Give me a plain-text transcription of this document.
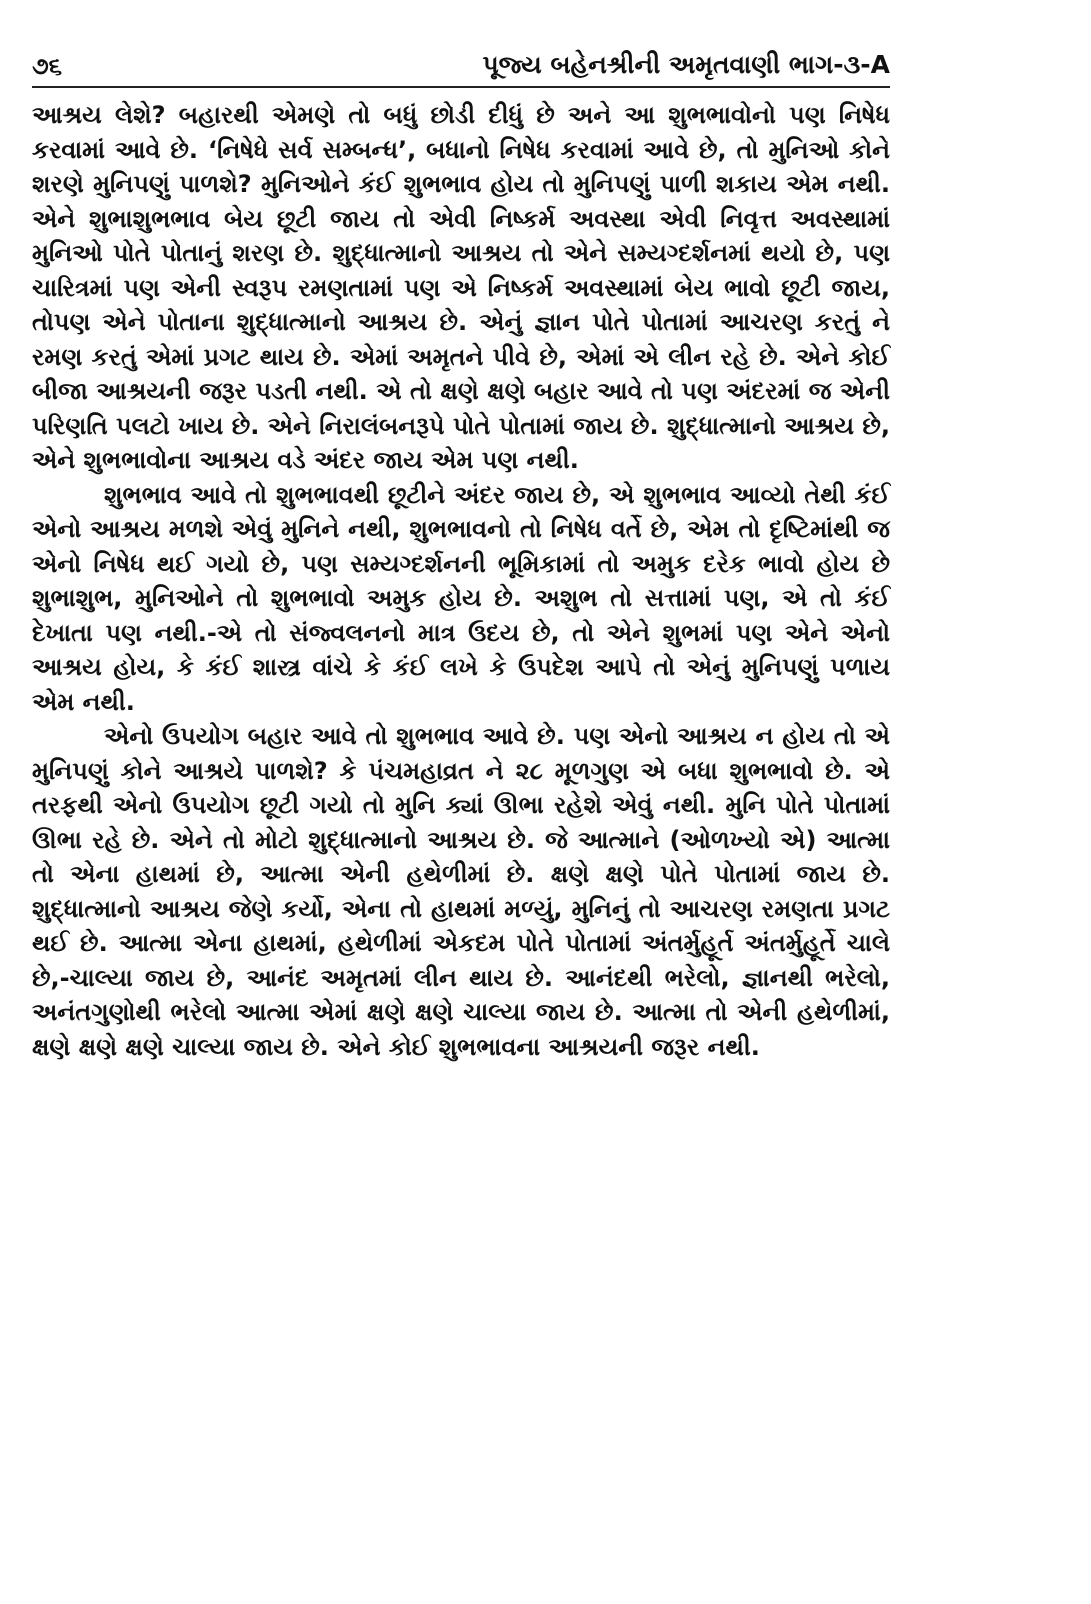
૭૬	પૂજ્ય બહેનશ્રીની અમૃતવાણી ભાગ-૩-A

આશ્રય લેશે? બહારથી એમણે તો બધું છોડી દીધું છે અને આ શુભભાવોનો પણ નિષેધ કરવામાં આવે છે. ‘નિષેધે સર્વ સમ્બન્ધ’, બધાનો નિષેધ કરવામાં આવે છે, તો મુનિઓ કોને શરણે મુનિપણું પાળશે? મુનિઓને કંઈ શુભભાવ હોય તો મુનિપણું પાળી શકાય એમ નથી. એને શુભાશુભભાવ બેય છૂટી જાય તો એવી નિષ્કર્મ અવસ્થા એવી નિવૃત્ત અવસ્થામાં મુનિઓ પોતે પોતાનું શરણ છે. શુદ્ધાત્માનો આશ્રય તો એને સમ્યગ્દર્શનમાં થયો છે, પણ ચારિત્રમાં પણ એની સ્વરૂપ રમણતામાં પણ એ નિષ્કર્મ અવસ્થામાં બેય ભાવો છૂટી જાય, તોપણ એને પોતાના શુદ્ધાત્માનો આશ્રય છે. એનું જ્ઞાન પોતે પોતામાં આચરણ કરતું ને રમણ કરતું એમાં પ્રગટ થાય છે. એમાં અમૃતને પીવે છે, એમાં એ લીન રહે છે. એને કોઈ બીજા આશ્રયની જરૂર પડતી નથી. એ તો ક્ષણે ક્ષણે બહાર આવે તો પણ અંદરમાં જ એની પરિણતિ પલટો ખાય છે. એને નિરાલંબનરૂપે પોતે પોતામાં જાય છે. શુદ્ધાત્માનો આશ્રય છે, એને શુભભાવોના આશ્રય વડે અંદર જાય એમ પણ નથી.

શુભભાવ આવે તો શુભભાવથી છૂટીને અંદર જાય છે, એ શુભભાવ આવ્યો તેથી કંઈ એનો આશ્રય મળશે એવું મુનિને નથી, શુભભાવનો તો નિષેધ વર્તે છે, એમ તો દૃષ્ટિમાંથી જ એનો નિષેધ થઈ ગયો છે, પણ સમ્યગ્દર્શનની ભૂમિકામાં તો અમુક દરેક ભાવો હોય છે શુભાશુભ, મુનિઓને તો શુભભાવો અમુક હોય છે. અશુભ તો સત્તામાં પણ, એ તો કંઈ દેખાતા પણ નથી.-એ તો સંજ્વલનનો માત્ર ઉદય છે, તો એને શુભમાં પણ એને એનો આશ્રય હોય, કે કંઈ શાસ્ત્ર વાંચે કે કંઈ લખે કે ઉપદેશ આપે તો એનું મુનિપણું પળાય એમ નથી.

એનો ઉપયોગ બહાર આવે તો શુભભાવ આવે છે. પણ એનો આશ્રય ન હોય તો એ મુનિપણું કોને આશ્રયે પાળશે? કે પંચમહાવ્રત ને ૨૮ મૂળગુણ એ બધા શુભભાવો છે. એ તરફથી એનો ઉપયોગ છૂટી ગયો તો મુનિ ક્યાં ઊભા રહેશે એવું નથી. મુનિ પોતે પોતામાં ઊભા રહે છે. એને તો મોટો શુદ્ધાત્માનો આશ્રય છે. જે આત્માને (ઓળખ્યો એ) આત્મા તો એના હાથમાં છે, આત્મા એની હથેળીમાં છે. ક્ષણે ક્ષણે પોતે પોતામાં જાય છે. શુદ્ધાત્માનો આશ્રય જેણે કર્યો, એના તો હાથમાં મળ્યું, મુનિનું તો આચરણ રમણતા પ્રગટ થઈ છે. આત્મા એના હાથમાં, હથેળીમાં એકદમ પોતે પોતામાં અંતર્મુહૂર્ત અંતર્મુહૂર્તે ચાલે છે,-ચાલ્યા જાય છે, આનંદ અમૃતમાં લીન થાય છે. આનંદથી ભરેલો, જ્ઞાનથી ભરેલો, અનંતગુણોથી ભરેલો આત્મા એમાં ક્ષણે ક્ષણે ચાલ્યા જાય છે. આત્મા તો એની હથેળીમાં, ક્ષણે ક્ષણે ક્ષણે ચાલ્યા જાય છે. એને કોઈ શુભભાવના આશ્રયની જરૂર નથી.
